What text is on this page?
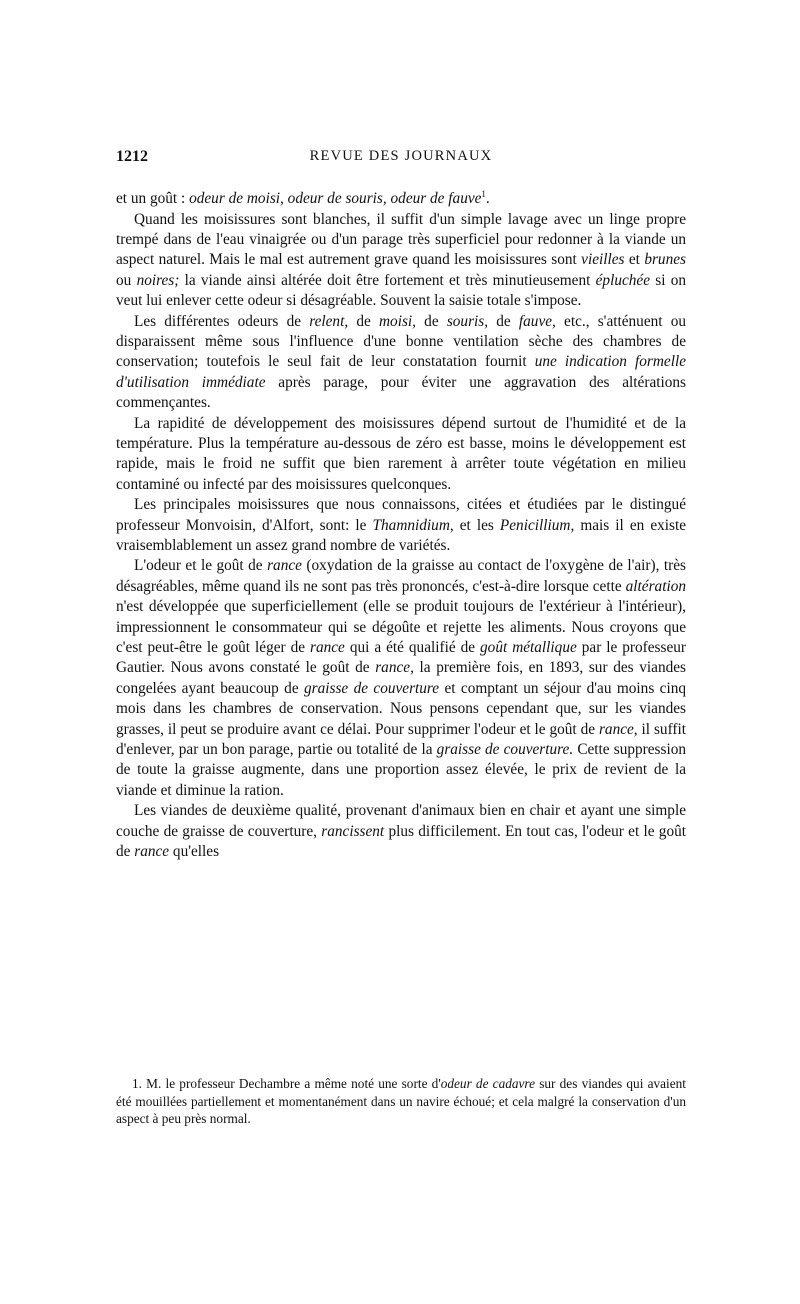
1212	REVUE DES JOURNAUX

et un goût : odeur de moisi, odeur de souris, odeur de fauve$^1$.

Quand les moisissures sont blanches, il suffit d'un simple lavage avec un linge propre trempé dans de l'eau vinaigrée ou d'un parage très superficiel pour redonner à la viande un aspect naturel. Mais le mal est autrement grave quand les moisissures sont vieilles et brunes ou noires; la viande ainsi altérée doit être fortement et très minutieusement épluchée si on veut lui enlever cette odeur si désagréable. Souvent la saisie totale s'impose.

Les différentes odeurs de relent, de moisi, de souris, de fauve, etc., s'atténuent ou disparaissent même sous l'influence d'une bonne ventilation sèche des chambres de conservation; toutefois le seul fait de leur constatation fournit une indication formelle d'utilisation immédiate après parage, pour éviter une aggravation des altérations commençantes.

La rapidité de développement des moisissures dépend surtout de l'humidité et de la température. Plus la température au-dessous de zéro est basse, moins le développement est rapide, mais le froid ne suffit que bien rarement à arrêter toute végétation en milieu contaminé ou infecté par des moisissures quelconques.

Les principales moisissures que nous connaissons, citées et étudiées par le distingué professeur Monvoisin, d'Alfort, sont: le Thamnidium, et les Penicillium, mais il en existe vraisemblablement un assez grand nombre de variétés.

L'odeur et le goût de rance (oxydation de la graisse au contact de l'oxygène de l'air), très désagréables, même quand ils ne sont pas très prononcés, c'est-à-dire lorsque cette altération n'est développée que superficiellement (elle se produit toujours de l'extérieur à l'intérieur), impressionnent le consommateur qui se dégoûte et rejette les aliments. Nous croyons que c'est peut-être le goût léger de rance qui a été qualifié de goût métallique par le professeur Gautier. Nous avons constaté le goût de rance, la première fois, en 1893, sur des viandes congelées ayant beaucoup de graisse de couverture et comptant un séjour d'au moins cinq mois dans les chambres de conservation. Nous pensons cependant que, sur les viandes grasses, il peut se produire avant ce délai. Pour supprimer l'odeur et le goût de rance, il suffit d'enlever, par un bon parage, partie ou totalité de la graisse de couverture. Cette suppression de toute la graisse augmente, dans une proportion assez élevée, le prix de revient de la viande et diminue la ration.

Les viandes de deuxième qualité, provenant d'animaux bien en chair et ayant une simple couche de graisse de couverture, rancissent plus difficilement. En tout cas, l'odeur et le goût de rance qu'elles

1. M. le professeur Dechambre a même noté une sorte d'odeur de cadavre sur des viandes qui avaient été mouillées partiellement et momentanément dans un navire échoué; et cela malgré la conservation d'un aspect à peu près normal.
